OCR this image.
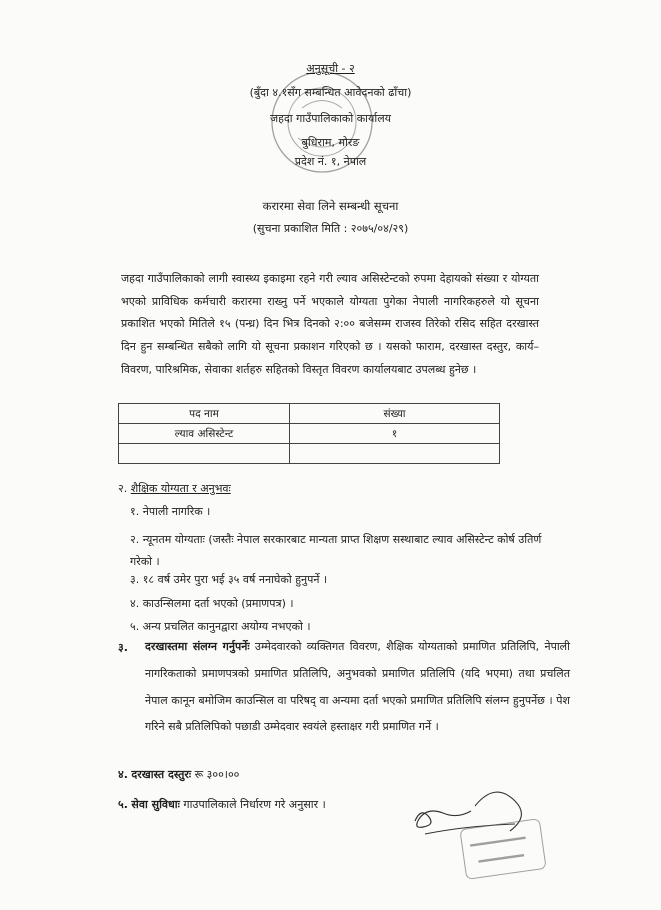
अनुसूची - २
(बुँदा ४.१सँग सम्बन्धित आवेदनको ढाँचा)
जहदा गाउँपालिकाको कार्यालय
बुधिराम, मोरङ
प्रदेश नं. १, नेपाल
करारमा सेवा लिने सम्बन्धी सूचना
(सुचना प्रकाशित मिति : २०७५/०४/२९)
जहदा गाउँपालिकाको लागी स्वास्थ्य इकाइमा रहने गरी ल्याव असिस्टेन्टको रुपमा देहायको संख्या र योग्यता भएको प्राविधिक कर्मचारी करारमा राख्नु पर्ने भएकाले योग्यता पुगेका नेपाली नागरिकहरुले यो सूचना प्रकाशित भएको मितिले १५ (पन्ध्र) दिन भित्र दिनको २:०० बजेसम्म राजस्व तिरेको रसिद सहित दरखास्त दिन हुन सम्बन्धित सबैको लागि यो सूचना प्रकाशन गरिएको छ । यसको फाराम, दरखास्त दस्तुर, कार्य– विवरण, पारिश्रमिक, सेवाका शर्तहरु सहितको विस्तृत विवरण कार्यालयबाट उपलब्ध हुनेछ ।
पद नाम	संख्या
ल्याव असिस्टेन्ट	१

२. शैक्षिक योग्यता र अनुभवः
१. नेपाली नागरिक ।
२. न्यूनतम योग्यताः (जस्तैः नेपाल सरकारबाट मान्यता प्राप्त शिक्षण सस्थाबाट ल्याव असिस्टेन्ट कोर्ष उतिर्ण गरेको ।
३. १८ वर्ष उमेर पुरा भई ३५ वर्ष ननाघेको हुनुपर्ने ।
४. काउन्सिलमा दर्ता भएको (प्रमाणपत्र) ।
५. अन्य प्रचलित कानुनद्वारा अयोग्य नभएको ।
३. दरखास्तमा संलग्न गर्नुपर्नेः उम्मेदवारको व्यक्तिगत विवरण, शैक्षिक योग्यताको प्रमाणित प्रतिलिपि, नेपाली नागरिकताको प्रमाणपत्रको प्रमाणित प्रतिलिपि, अनुभवको प्रमाणित प्रतिलिपि (यदि भएमा) तथा प्रचलित नेपाल कानून बमोजिम काउन्सिल वा परिषद् वा अन्यमा दर्ता भएको प्रमाणित प्रतिलिपि संलग्न हुनुपर्नेछ । पेश गरिने सबै प्रतिलिपिको पछाडी उम्मेदवार स्वयंले हस्ताक्षर गरी प्रमाणित गर्ने ।
४. दरखास्त दस्तुरः रू ३००।००
५. सेवा सुविधाः गाउपालिकाले निर्धारण गरे अनुसार ।
